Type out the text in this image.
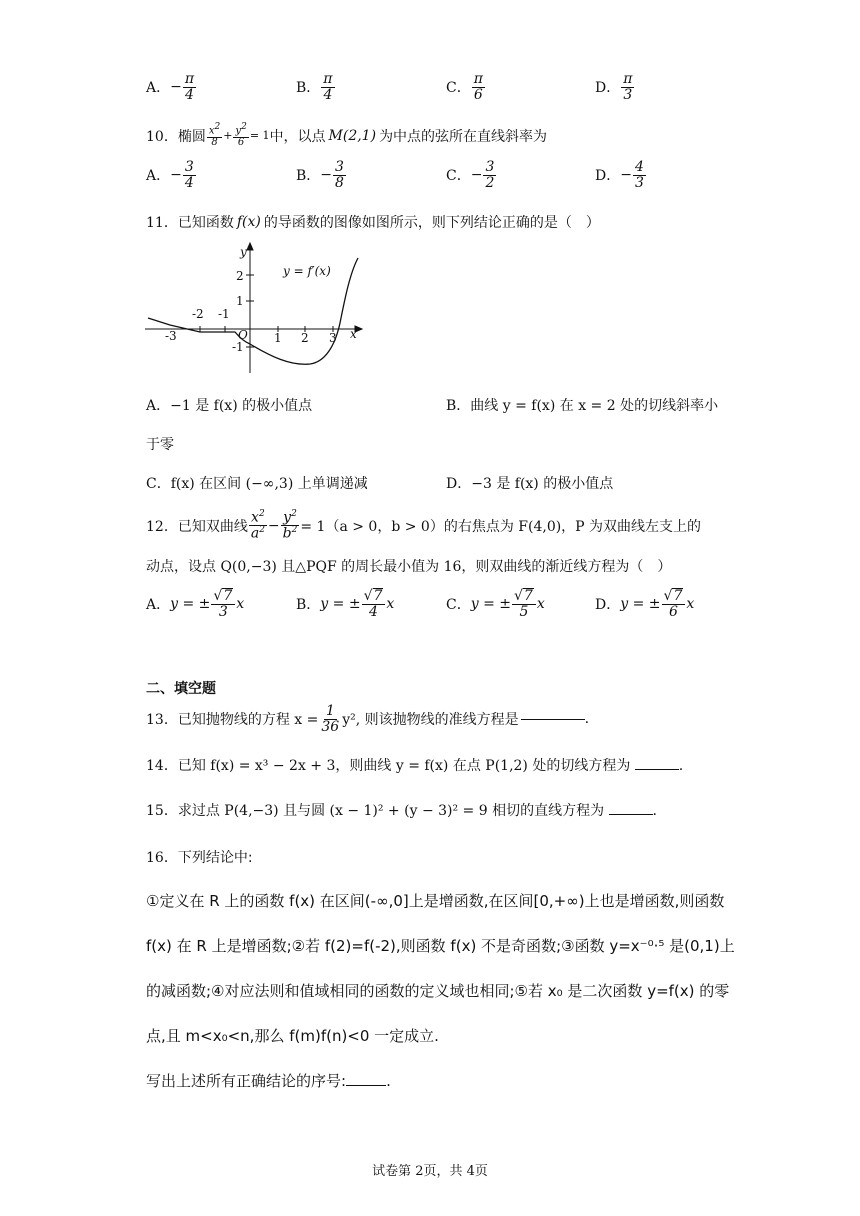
A． − $\frac{\pi}{4}$	B． $\frac{\pi}{4}$	C． $\frac{\pi}{6}$	D． $\frac{\pi}{3}$
10． 椭圆 $\frac{x^2}{8} + \frac{y^2}{6} = 1$ 中，以点 M(2,1) 为中点的弦所在直线斜率为
A． − $\frac{3}{4}$	B． − $\frac{3}{8}$	C． − $\frac{3}{2}$	D． − $\frac{4}{3}$
11． 已知函数 f(x) 的导函数的图像如图所示，则下列结论正确的是（　）
y
x
O
y = f′(x)
2
1
-1
-3
-2 -1
1 2 3
A．−1 是 f(x) 的极小值点	B．曲线 y = f(x) 在 x = 2 处的切线斜率小
于零
C．f(x) 在区间 (−∞,3) 上单调递减	D．−3 是 f(x) 的极小值点
12． 已知双曲线 $\frac{x^2}{a^2} - \frac{y^2}{b^2} = 1(a > 0$，b > 0）的右焦点为 F(4,0)，P 为双曲线左支上的
动点，设点 Q(0,−3) 且△PQF 的周长最小值为 16，则双曲线的渐近线方程为（　）
A． y = ± $\frac{√7}{3}$ x	B． y = ± $\frac{√7}{4}$ x	C． y = ± $\frac{√7}{5}$ x	D． y = ± $\frac{√7}{6}$ x
二、填空题
13． 已知抛物线的方程 $x = \frac{1}{36} y^2$, 则该抛物线的准线方程是	.
14．已知 f(x) = x³ − 2x + 3，则曲线 y = f(x) 在点 P(1,2) 处的切线方程为	.
15．求过点 P(4,−3) 且与圆 (x − 1)² + (y − 3)² = 9 相切的直线方程为	.
16．下列结论中:
①定义在 R 上的函数 f(x) 在区间(-∞,0]上是增函数,在区间[0,+∞)上也是增函数,则函数
f(x) 在 R 上是增函数;②若 f(2)=f(-2),则函数 f(x) 不是奇函数;③函数 y=x⁻⁰·⁵ 是(0,1)上
的减函数;④对应法则和值域相同的函数的定义域也相同;⑤若 x₀ 是二次函数 y=f(x) 的零
点,且 m<x₀<n,那么 f(m)f(n)<0 一定成立.
写出上述所有正确结论的序号:	.
试卷第 2页，共 4页
